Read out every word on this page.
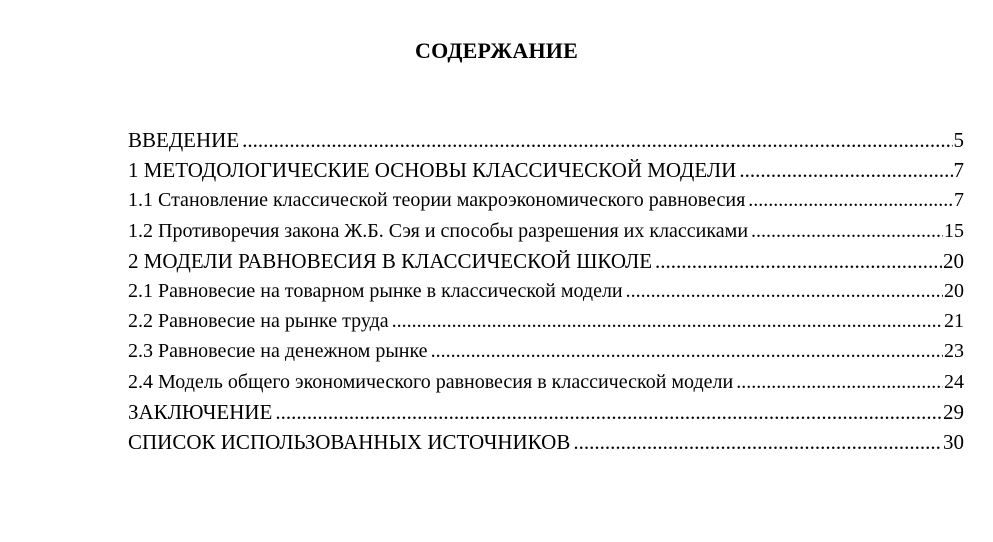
СОДЕРЖАНИЕ
ВВЕДЕНИЕ .....	5
1 МЕТОДОЛОГИЧЕСКИЕ ОСНОВЫ КЛАССИЧЕСКОЙ МОДЕЛИ .....	7
1.1 Становление классической теории макроэкономического равновесия .....	7
1.2 Противоречия закона Ж.Б. Сэя и способы разрешения их классиками .....	15
2 МОДЕЛИ РАВНОВЕСИЯ В КЛАССИЧЕСКОЙ ШКОЛЕ .....	20
2.1 Равновесие на товарном рынке в классической модели .....	20
2.2 Равновесие на рынке труда .....	21
2.3 Равновесие на денежном рынке .....	23
2.4 Модель общего экономического равновесия в классической модели .....	24
ЗАКЛЮЧЕНИЕ .....	29
СПИСОК ИСПОЛЬЗОВАННЫХ ИСТОЧНИКОВ .....	30
